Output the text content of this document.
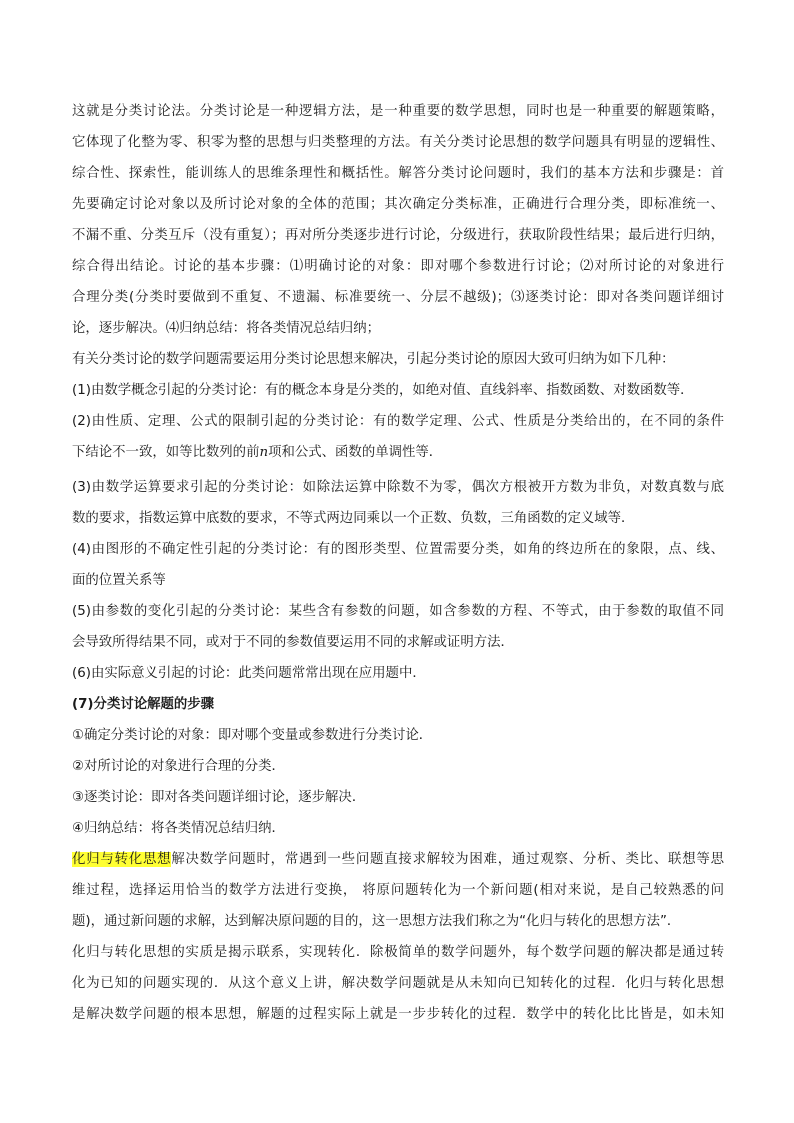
这就是分类讨论法。分类讨论是一种逻辑方法，是一种重要的数学思想，同时也是一种重要的解题策略，
它体现了化整为零、积零为整的思想与归类整理的方法。有关分类讨论思想的数学问题具有明显的逻辑性、
综合性、探索性，能训练人的思维条理性和概括性。解答分类讨论问题时，我们的基本方法和步骤是：首
先要确定讨论对象以及所讨论对象的全体的范围；其次确定分类标准，正确进行合理分类，即标准统一、
不漏不重、分类互斥（没有重复）；再对所分类逐步进行讨论，分级进行，获取阶段性结果；最后进行归纳，
综合得出结论。讨论的基本步骤：⑴明确讨论的对象：即对哪个参数进行讨论；⑵对所讨论的对象进行
合理分类(分类时要做到不重复、不遗漏、标准要统一、分层不越级)；⑶逐类讨论：即对各类问题详细讨
论，逐步解决。⑷归纳总结：将各类情况总结归纳；
有关分类讨论的数学问题需要运用分类讨论思想来解决，引起分类讨论的原因大致可归纳为如下几种：
(1)由数学概念引起的分类讨论：有的概念本身是分类的，如绝对值、直线斜率、指数函数、对数函数等．
(2)由性质、定理、公式的限制引起的分类讨论：有的数学定理、公式、性质是分类给出的，在不同的条件
下结论不一致，如等比数列的前n项和公式、函数的单调性等．
(3)由数学运算要求引起的分类讨论：如除法运算中除数不为零，偶次方根被开方数为非负，对数真数与底
数的要求，指数运算中底数的要求，不等式两边同乘以一个正数、负数，三角函数的定义域等．
(4)由图形的不确定性引起的分类讨论：有的图形类型、位置需要分类，如角的终边所在的象限，点、线、
面的位置关系等
(5)由参数的变化引起的分类讨论：某些含有参数的问题，如含参数的方程、不等式，由于参数的取值不同
会导致所得结果不同，或对于不同的参数值要运用不同的求解或证明方法．
(6)由实际意义引起的讨论：此类问题常常出现在应用题中．
(7)分类讨论解题的步骤
①确定分类讨论的对象：即对哪个变量或参数进行分类讨论．
②对所讨论的对象进行合理的分类．
③逐类讨论：即对各类问题详细讨论，逐步解决．
④归纳总结：将各类情况总结归纳．
化归与转化思想解决数学问题时，常遇到一些问题直接求解较为困难，通过观察、分析、类比、联想等思
维过程，选择运用恰当的数学方法进行变换， 将原问题转化为一个新问题(相对来说，是自己较熟悉的问
题)，通过新问题的求解，达到解决原问题的目的，这一思想方法我们称之为“化归与转化的思想方法”．
化归与转化思想的实质是揭示联系，实现转化．除极简单的数学问题外，每个数学问题的解决都是通过转
化为已知的问题实现的．从这个意义上讲，解决数学问题就是从未知向已知转化的过程．化归与转化思想
是解决数学问题的根本思想，解题的过程实际上就是一步步转化的过程．数学中的转化比比皆是，如未知
